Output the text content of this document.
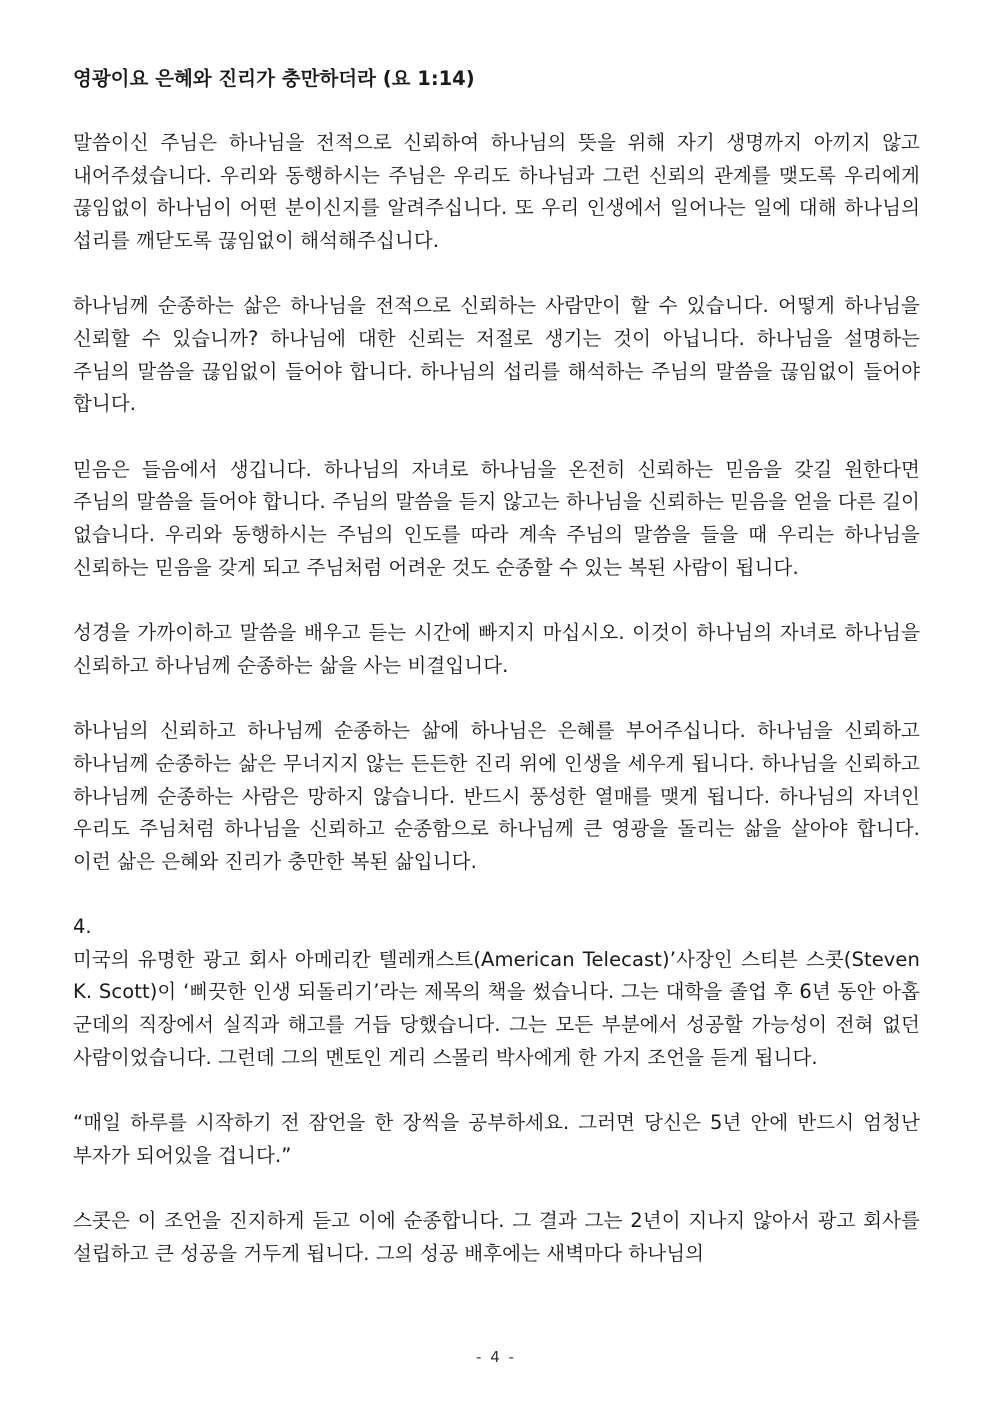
영광이요 은혜와 진리가 충만하더라 (요 1:14)

말씀이신 주님은 하나님을 전적으로 신뢰하여 하나님의 뜻을 위해 자기 생명까지 아끼지 않고 내어주셨습니다. 우리와 동행하시는 주님은 우리도 하나님과 그런 신뢰의 관계를 맺도록 우리에게 끊임없이 하나님이 어떤 분이신지를 알려주십니다. 또 우리 인생에서 일어나는 일에 대해 하나님의 섭리를 깨닫도록 끊임없이 해석해주십니다.

하나님께 순종하는 삶은 하나님을 전적으로 신뢰하는 사람만이 할 수 있습니다. 어떻게 하나님을 신뢰할 수 있습니까? 하나님에 대한 신뢰는 저절로 생기는 것이 아닙니다. 하나님을 설명하는 주님의 말씀을 끊임없이 들어야 합니다. 하나님의 섭리를 해석하는 주님의 말씀을 끊임없이 들어야 합니다.

믿음은 들음에서 생깁니다. 하나님의 자녀로 하나님을 온전히 신뢰하는 믿음을 갖길 원한다면 주님의 말씀을 들어야 합니다. 주님의 말씀을 듣지 않고는 하나님을 신뢰하는 믿음을 얻을 다른 길이 없습니다. 우리와 동행하시는 주님의 인도를 따라 계속 주님의 말씀을 들을 때 우리는 하나님을 신뢰하는 믿음을 갖게 되고 주님처럼 어려운 것도 순종할 수 있는 복된 사람이 됩니다.

성경을 가까이하고 말씀을 배우고 듣는 시간에 빠지지 마십시오. 이것이 하나님의 자녀로 하나님을 신뢰하고 하나님께 순종하는 삶을 사는 비결입니다.

하나님의 신뢰하고 하나님께 순종하는 삶에 하나님은 은혜를 부어주십니다. 하나님을 신뢰하고 하나님께 순종하는 삶은 무너지지 않는 든든한 진리 위에 인생을 세우게 됩니다. 하나님을 신뢰하고 하나님께 순종하는 사람은 망하지 않습니다. 반드시 풍성한 열매를 맺게 됩니다. 하나님의 자녀인 우리도 주님처럼 하나님을 신뢰하고 순종함으로 하나님께 큰 영광을 돌리는 삶을 살아야 합니다. 이런 삶은 은혜와 진리가 충만한 복된 삶입니다.

4.

미국의 유명한 광고 회사 아메리칸 텔레캐스트(American Telecast)’사장인 스티븐 스콧(Steven K. Scott)이 ‘삐끗한 인생 되돌리기’라는 제목의 책을 썼습니다. 그는 대학을 졸업 후 6년 동안 아홉 군데의 직장에서 실직과 해고를 거듭 당했습니다. 그는 모든 부분에서 성공할 가능성이 전혀 없던 사람이었습니다. 그런데 그의 멘토인 게리 스몰리 박사에게 한 가지 조언을 듣게 됩니다.

“매일 하루를 시작하기 전 잠언을 한 장씩을 공부하세요. 그러면 당신은 5년 안에 반드시 엄청난 부자가 되어있을 겁니다.”

스콧은 이 조언을 진지하게 듣고 이에 순종합니다. 그 결과 그는 2년이 지나지 않아서 광고 회사를 설립하고 큰 성공을 거두게 됩니다. 그의 성공 배후에는 새벽마다 하나님의

- 4 -
